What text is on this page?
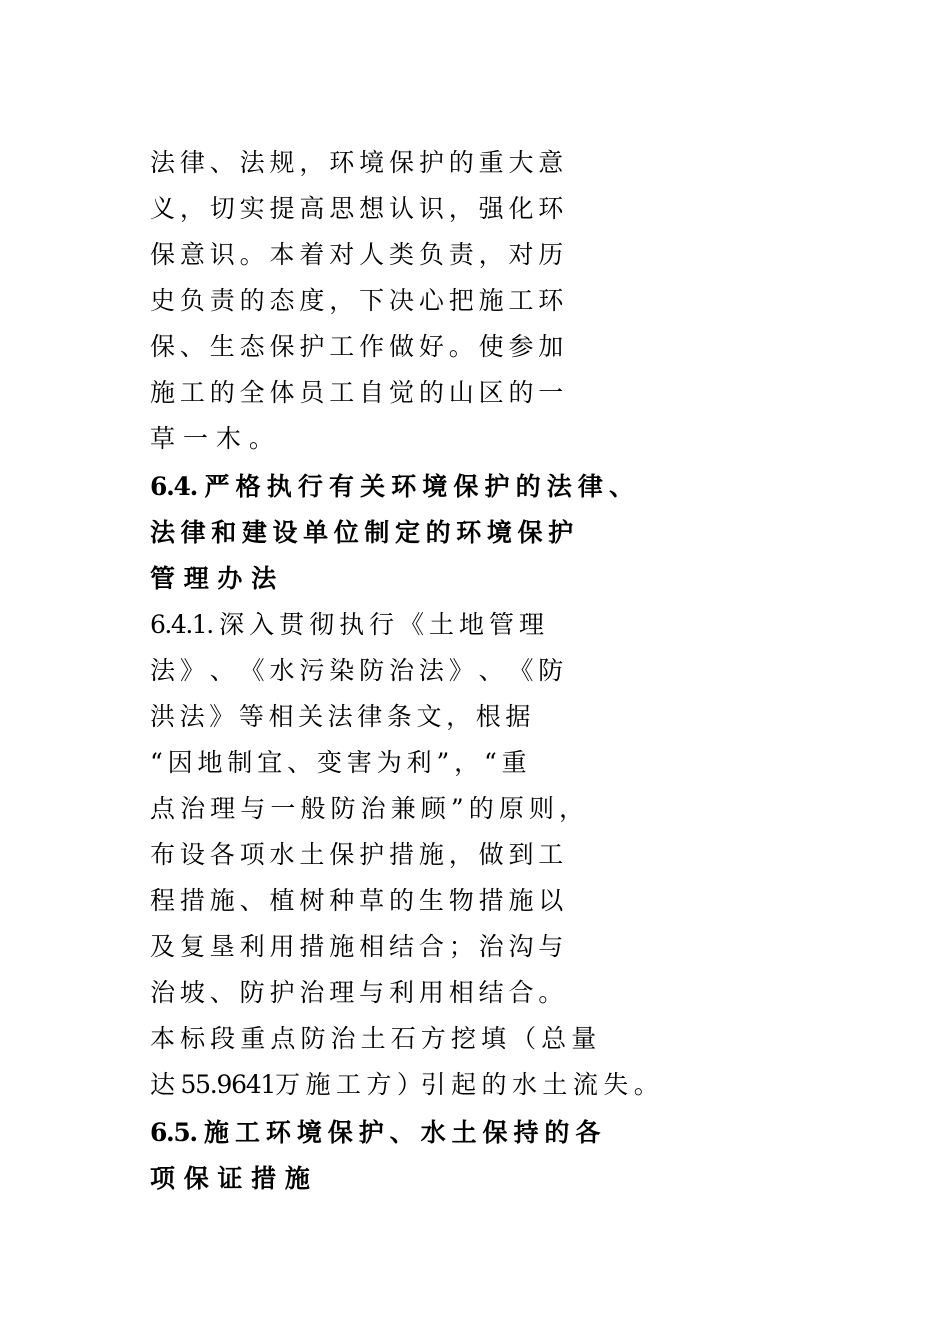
法 律 、 法 规 ， 环 境 保 护 的 重 大 意
义 ， 切 实 提 高 思 想 认 识 ， 强 化 环
保 意 识 。 本 着 对 人 类 负 责 ， 对 历
史 负 责 的 态 度 ， 下 决 心 把 施 工 环
保 、 生 态 保 护 工 作 做 好 。 使 参 加
施 工 的 全 体 员 工 自 觉 的 山 区 的 一
草 一 木 。
6.4. 严 格 执 行 有 关 环 境 保 护 的 法 律 、
法 律 和 建 设 单 位 制 定 的 环 境 保 护
管 理 办 法
6.4.1. 深 入 贯 彻 执 行 《 土 地 管 理
法 》 、 《 水 污 染 防 治 法 》 、 《 防
洪 法 》 等 相 关 法 律 条 文 ， 根 据
“ 因 地 制 宜 、 变 害 为 利 ” ， “ 重
点 治 理 与 一 般 防 治 兼 顾 ” 的 原 则 ，
布 设 各 项 水 土 保 护 措 施 ， 做 到 工
程 措 施 、 植 树 种 草 的 生 物 措 施 以
及 复 垦 利 用 措 施 相 结 合 ； 治 沟 与
治 坡 、 防 护 治 理 与 利 用 相 结 合 。
本 标 段 重 点 防 治 土 石 方 挖 填 （ 总 量
达 55.9641万 施 工 方 ）引 起 的 水 土 流 失 。
6.5. 施 工 环 境 保 护 、 水 土 保 持 的 各
项 保 证 措 施
